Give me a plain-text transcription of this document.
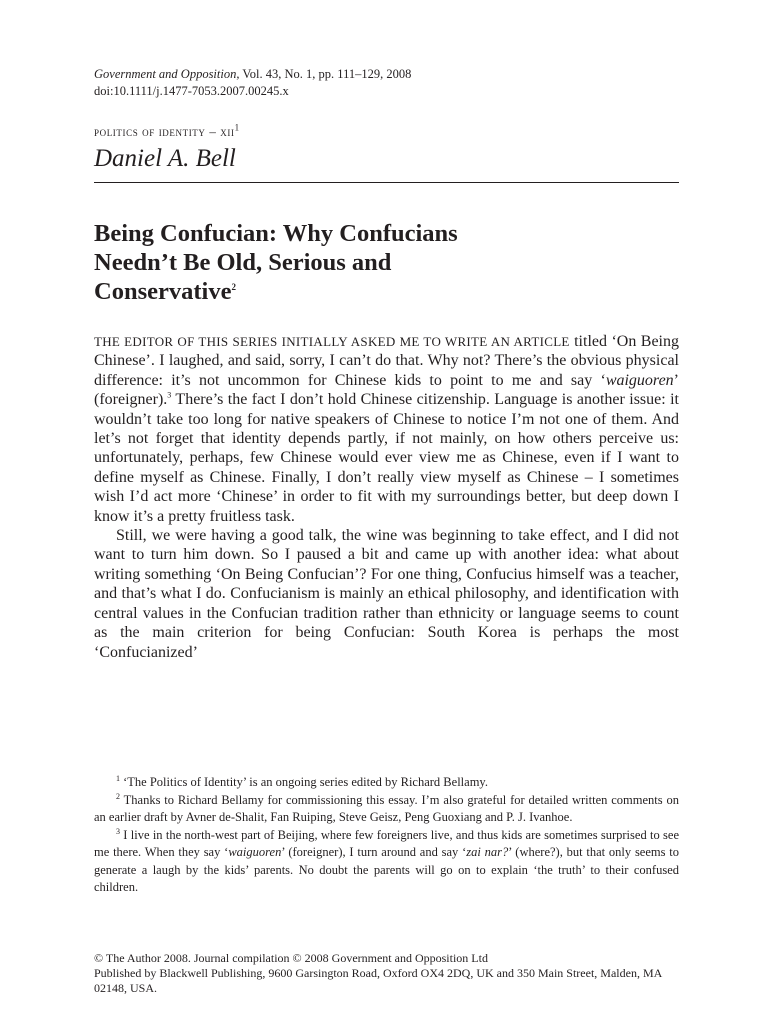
Government and Opposition, Vol. 43, No. 1, pp. 111–129, 2008
doi:10.1111/j.1477-7053.2007.00245.x
politics of identity – xii$^1$
Daniel A. Bell
Being Confucian: Why Confucians
Needn’t Be Old, Serious and
Conservative$^2$

THE EDITOR OF THIS SERIES INITIALLY ASKED ME TO WRITE AN ARTICLE titled ‘On Being Chinese’. I laughed, and said, sorry, I can’t do that. Why not? There’s the obvious physical difference: it’s not uncommon for Chinese kids to point to me and say ‘waiguoren’ (foreigner).$^3$ There’s the fact I don’t hold Chinese citizenship. Language is another issue: it wouldn’t take too long for native speakers of Chinese to notice I’m not one of them. And let’s not forget that identity depends partly, if not mainly, on how others perceive us: unfortunately, perhaps, few Chinese would ever view me as Chinese, even if I want to define myself as Chinese. Finally, I don’t really view myself as Chinese – I sometimes wish I’d act more ‘Chinese’ in order to fit with my surroundings better, but deep down I know it’s a pretty fruitless task.

Still, we were having a good talk, the wine was beginning to take effect, and I did not want to turn him down. So I paused a bit and came up with another idea: what about writing something ‘On Being Confucian’? For one thing, Confucius himself was a teacher, and that’s what I do. Confucianism is mainly an ethical philosophy, and identification with central values in the Confucian tradition rather than ethnicity or language seems to count as the main criterion for being Confucian: South Korea is perhaps the most ‘Confucianized’

$^1$ ‘The Politics of Identity’ is an ongoing series edited by Richard Bellamy.

$^2$ Thanks to Richard Bellamy for commissioning this essay. I’m also grateful for detailed written comments on an earlier draft by Avner de-Shalit, Fan Ruiping, Steve Geisz, Peng Guoxiang and P. J. Ivanhoe.

$^3$ I live in the north-west part of Beijing, where few foreigners live, and thus kids are sometimes surprised to see me there. When they say ‘waiguoren’ (foreigner), I turn around and say ‘zai nar?’ (where?), but that only seems to generate a laugh by the kids’ parents. No doubt the parents will go on to explain ‘the truth’ to their confused children.

© The Author 2008. Journal compilation © 2008 Government and Opposition Ltd
Published by Blackwell Publishing, 9600 Garsington Road, Oxford OX4 2DQ, UK and 350 Main Street, Malden, MA 02148, USA.
